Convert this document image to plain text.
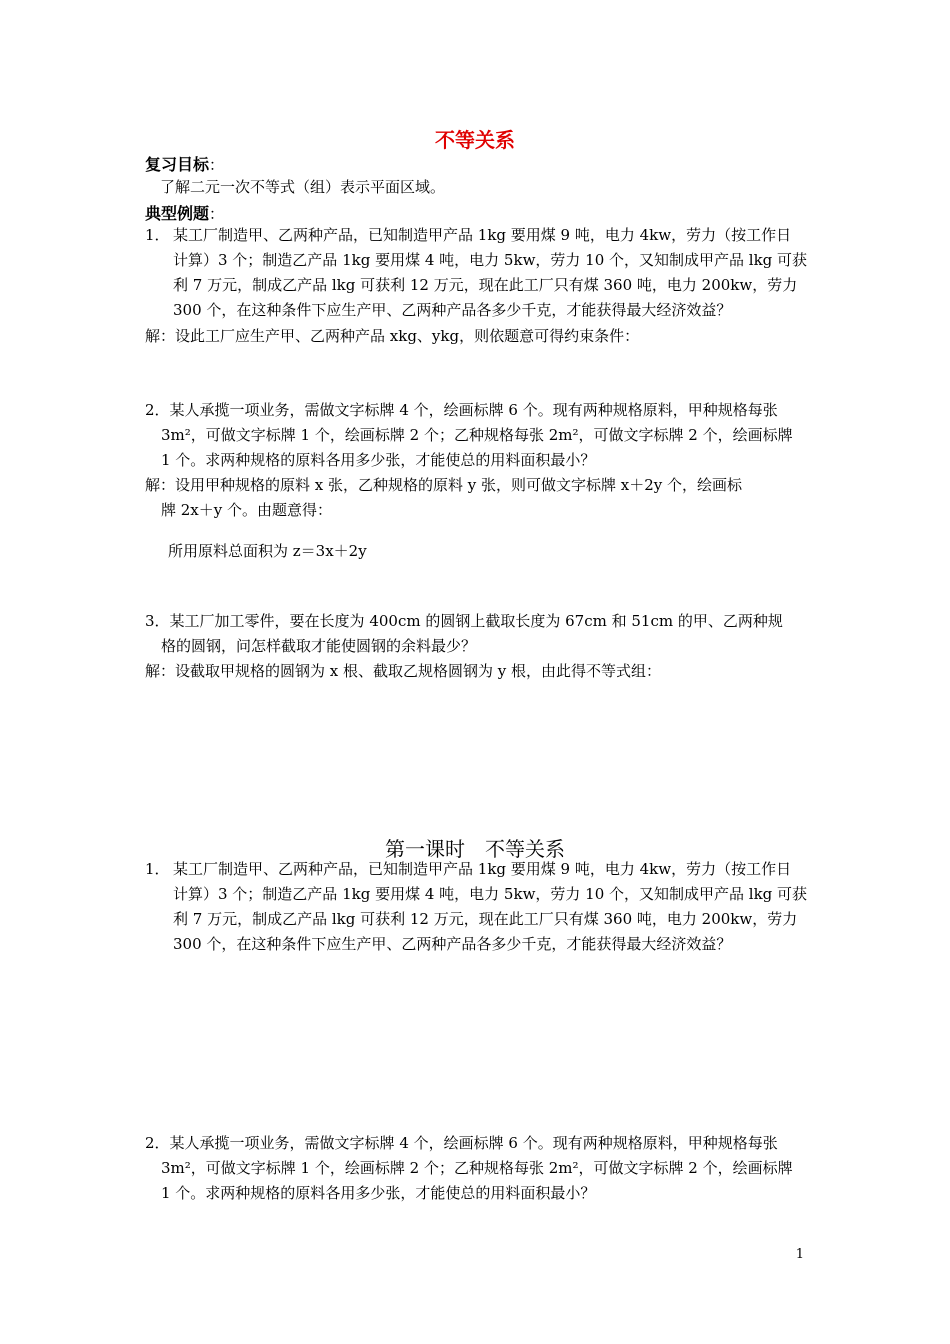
不等关系
复习目标：
了解二元一次不等式（组）表示平面区域。
典型例题：
1． 某工厂制造甲、乙两种产品，已知制造甲产品 1kg 要用煤 9 吨，电力 4kw，劳力（按工作日
计算）3 个；制造乙产品 1kg 要用煤 4 吨，电力 5kw，劳力 10 个，又知制成甲产品 lkg 可获
利 7 万元，制成乙产品 lkg 可获利 12 万元，现在此工厂只有煤 360 吨，电力 200kw，劳力
300 个，在这种条件下应生产甲、乙两种产品各多少千克，才能获得最大经济效益？
解：设此工厂应生产甲、乙两种产品 xkg、ykg，则依题意可得约束条件：
2．某人承揽一项业务，需做文字标牌 4 个，绘画标牌 6 个。现有两种规格原料，甲种规格每张
3m²，可做文字标牌 1 个，绘画标牌 2 个；乙种规格每张 2m²，可做文字标牌 2 个，绘画标牌
1 个。求两种规格的原料各用多少张，才能使总的用料面积最小？
解：设用甲种规格的原料 x 张，乙种规格的原料 y 张，则可做文字标牌 x＋2y 个，绘画标
牌 2x＋y 个。由题意得：
所用原料总面积为 z＝3x＋2y
3．某工厂加工零件，要在长度为 400cm 的圆钢上截取长度为 67cm 和 51cm 的甲、乙两种规
格的圆钢，问怎样截取才能使圆钢的余料最少？
解：设截取甲规格的圆钢为 x 根、截取乙规格圆钢为 y 根，由此得不等式组：
第一课时　不等关系
1． 某工厂制造甲、乙两种产品，已知制造甲产品 1kg 要用煤 9 吨，电力 4kw，劳力（按工作日
计算）3 个；制造乙产品 1kg 要用煤 4 吨，电力 5kw，劳力 10 个，又知制成甲产品 lkg 可获
利 7 万元，制成乙产品 lkg 可获利 12 万元，现在此工厂只有煤 360 吨，电力 200kw，劳力
300 个，在这种条件下应生产甲、乙两种产品各多少千克，才能获得最大经济效益？
2．某人承揽一项业务，需做文字标牌 4 个，绘画标牌 6 个。现有两种规格原料，甲种规格每张
3m²，可做文字标牌 1 个，绘画标牌 2 个；乙种规格每张 2m²，可做文字标牌 2 个，绘画标牌
1 个。求两种规格的原料各用多少张，才能使总的用料面积最小？
1
